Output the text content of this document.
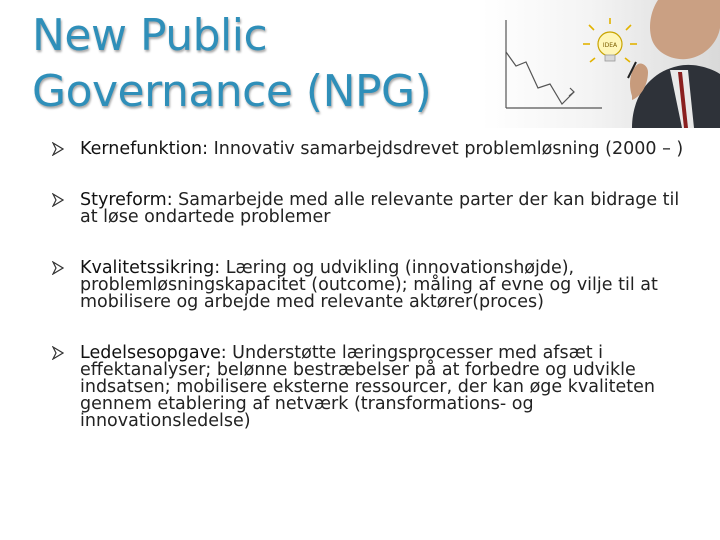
New Public
Governance (NPG)
IDEA
Kernefunktion: Innovativ samarbejdsdrevet problemløsning (2000 – )
Styreform: Samarbejde med alle relevante parter der kan bidrage til at løse ondartede problemer
Kvalitetssikring: Læring og udvikling (innovationshøjde), problemløsningskapacitet (outcome); måling af evne og vilje til at mobilisere og arbejde med relevante aktører(proces)
Ledelsesopgave: Understøtte læringsprocesser med afsæt i effektanalyser; belønne bestræbelser på at forbedre og udvikle indsatsen; mobilisere eksterne ressourcer, der kan øge kvaliteten gennem etablering af netværk (transformations- og innovationsledelse)
